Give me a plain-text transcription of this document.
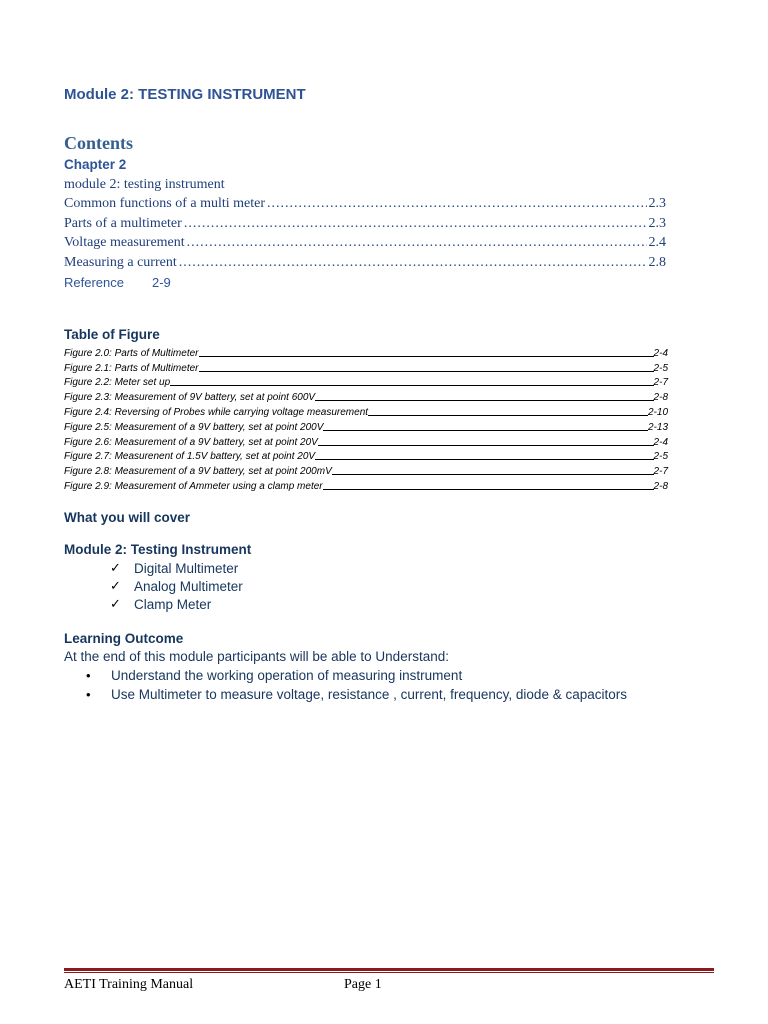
Module 2: TESTING INSTRUMENT
Contents
Chapter 2
module 2: testing instrument
Common functions of a multi meter .....	2.3
Parts of a multimeter .....	2.3
Voltage measurement .....	2.4
Measuring a current .....	2.8
Reference 2-9
Table of Figure
Figure 2.0: Parts of Multimeter	2-4
Figure 2.1: Parts of Multimeter	2-5
Figure 2.2: Meter set up	2-7
Figure 2.3: Measurement of 9V battery, set at point 600V	2-8
Figure 2.4: Reversing of Probes while carrying voltage measurement	2-10
Figure 2.5: Measurement of a 9V battery, set at point 200V	2-13
Figure 2.6: Measurement of a 9V battery, set at point 20V	2-4
Figure 2.7: Measurenent of 1.5V battery, set at point 20V	2-5
Figure 2.8: Measurement of a 9V battery, set at point 200mV	2-7
Figure 2.9: Measurement of Ammeter using a clamp meter	2-8
What you will cover
Module 2: Testing Instrument
✓ Digital Multimeter
✓ Analog Multimeter
✓ Clamp Meter
Learning Outcome
At the end of this module participants will be able to Understand:
•	Understand the working operation of measuring instrument
•	Use Multimeter to measure voltage, resistance , current, frequency, diode & capacitors
AETI Training Manual	Page 1
